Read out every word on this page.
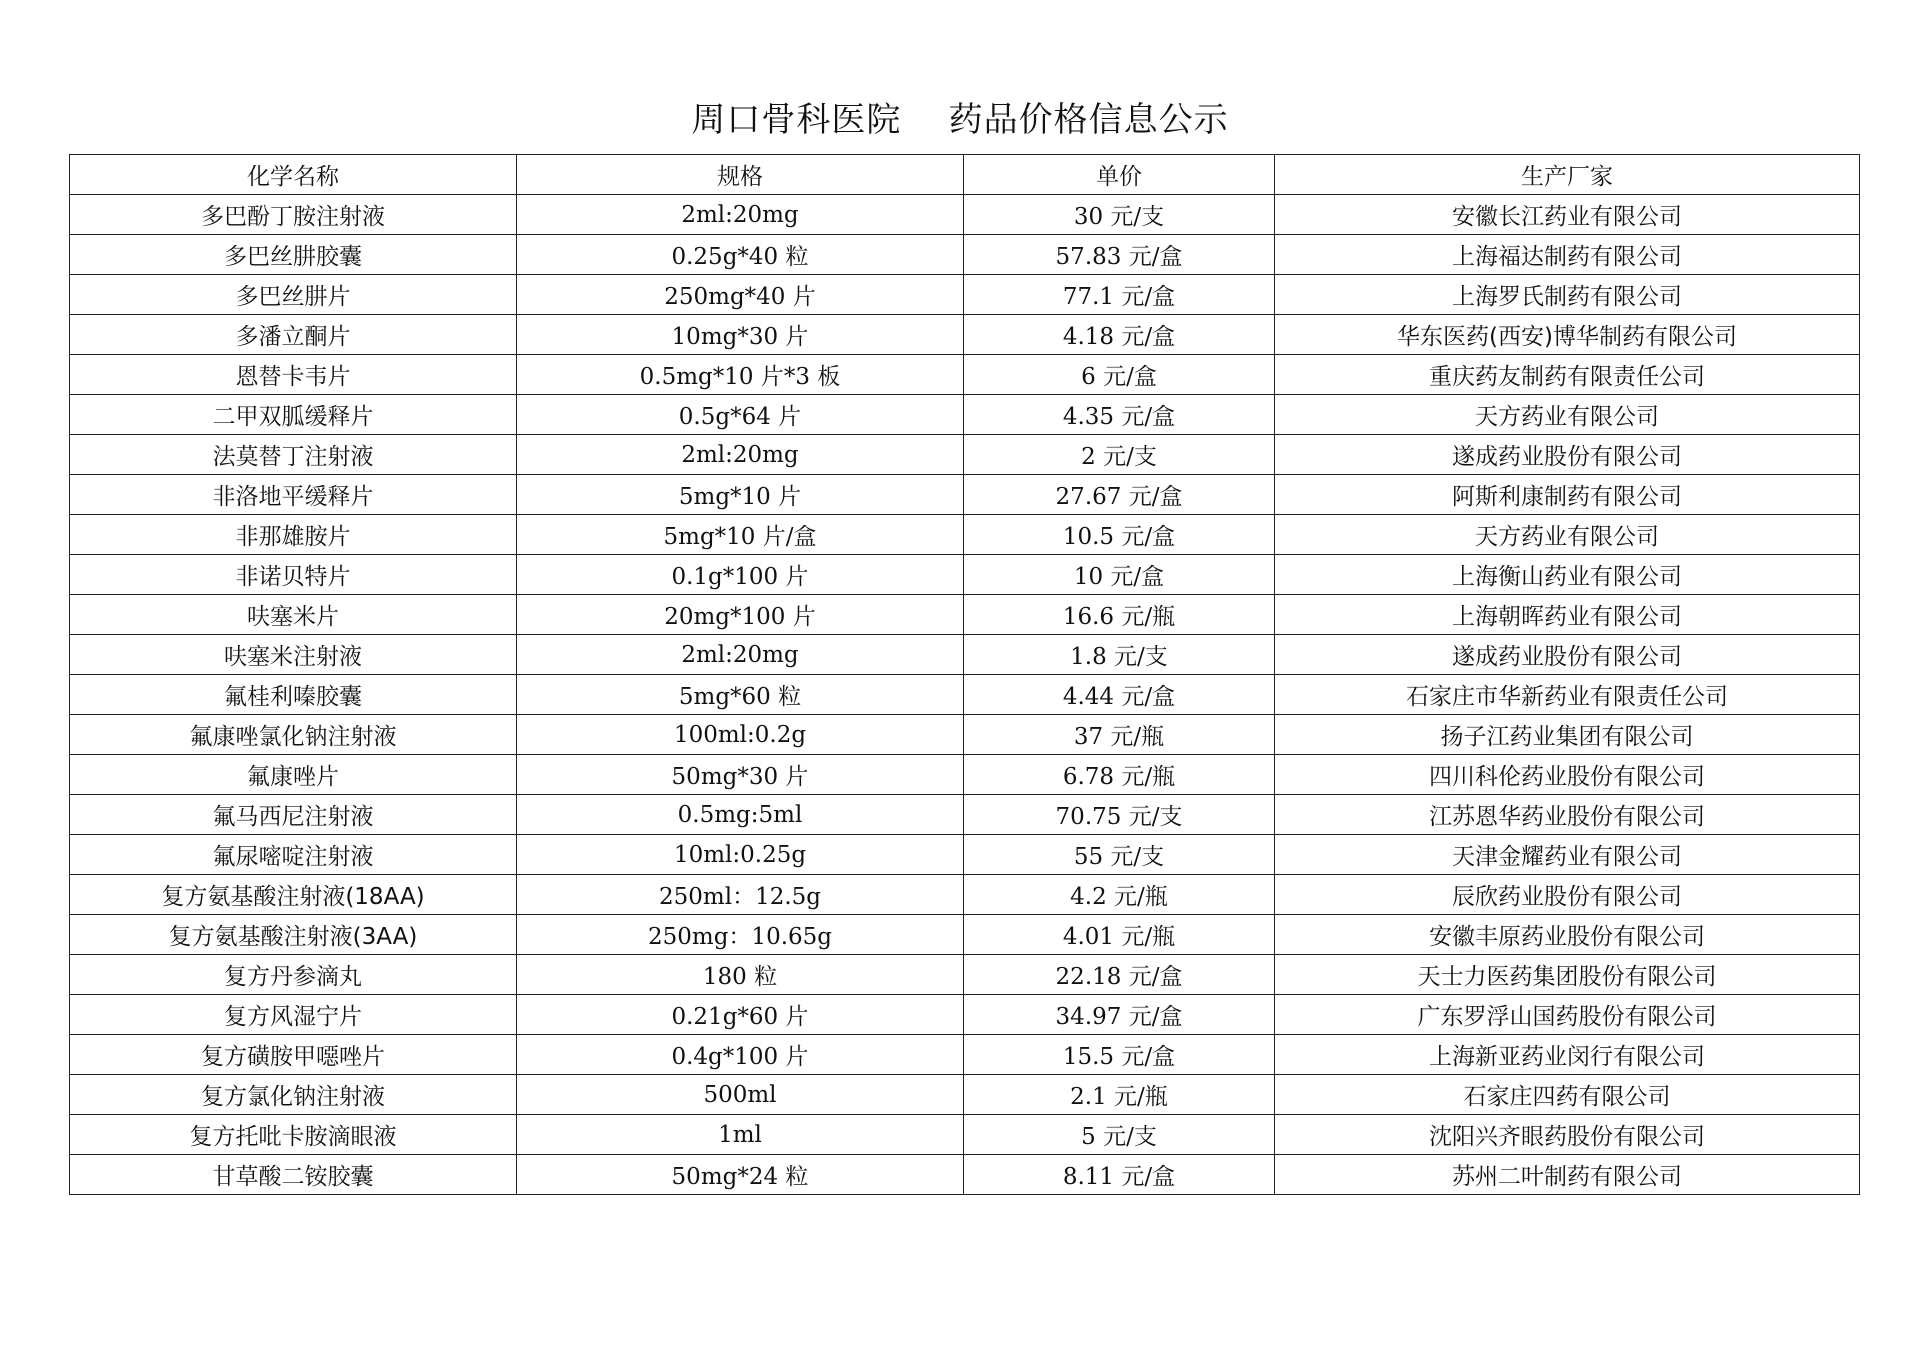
周口骨科医院    药品价格信息公示
化学名称	规格	单价	生产厂家
多巴酚丁胺注射液	2ml:20mg	30 元/支	安徽长江药业有限公司
多巴丝肼胶囊	0.25g*40 粒	57.83 元/盒	上海福达制药有限公司
多巴丝肼片	250mg*40 片	77.1 元/盒	上海罗氏制药有限公司
多潘立酮片	10mg*30 片	4.18 元/盒	华东医药(西安)博华制药有限公司
恩替卡韦片	0.5mg*10 片*3 板	6 元/盒	重庆药友制药有限责任公司
二甲双胍缓释片	0.5g*64 片	4.35 元/盒	天方药业有限公司
法莫替丁注射液	2ml:20mg	2 元/支	遂成药业股份有限公司
非洛地平缓释片	5mg*10 片	27.67 元/盒	阿斯利康制药有限公司
非那雄胺片	5mg*10 片/盒	10.5 元/盒	天方药业有限公司
非诺贝特片	0.1g*100 片	10 元/盒	上海衡山药业有限公司
呋塞米片	20mg*100 片	16.6 元/瓶	上海朝晖药业有限公司
呋塞米注射液	2ml:20mg	1.8 元/支	遂成药业股份有限公司
氟桂利嗪胶囊	5mg*60 粒	4.44 元/盒	石家庄市华新药业有限责任公司
氟康唑氯化钠注射液	100ml:0.2g	37 元/瓶	扬子江药业集团有限公司
氟康唑片	50mg*30 片	6.78 元/瓶	四川科伦药业股份有限公司
氟马西尼注射液	0.5mg:5ml	70.75 元/支	江苏恩华药业股份有限公司
氟尿嘧啶注射液	10ml:0.25g	55 元/支	天津金耀药业有限公司
复方氨基酸注射液(18AA)	250ml：12.5g	4.2 元/瓶	辰欣药业股份有限公司
复方氨基酸注射液(3AA)	250mg：10.65g	4.01 元/瓶	安徽丰原药业股份有限公司
复方丹参滴丸	180 粒	22.18 元/盒	天士力医药集团股份有限公司
复方风湿宁片	0.21g*60 片	34.97 元/盒	广东罗浮山国药股份有限公司
复方磺胺甲噁唑片	0.4g*100 片	15.5 元/盒	上海新亚药业闵行有限公司
复方氯化钠注射液	500ml	2.1 元/瓶	石家庄四药有限公司
复方托吡卡胺滴眼液	1ml	5 元/支	沈阳兴齐眼药股份有限公司
甘草酸二铵胶囊	50mg*24 粒	8.11 元/盒	苏州二叶制药有限公司
